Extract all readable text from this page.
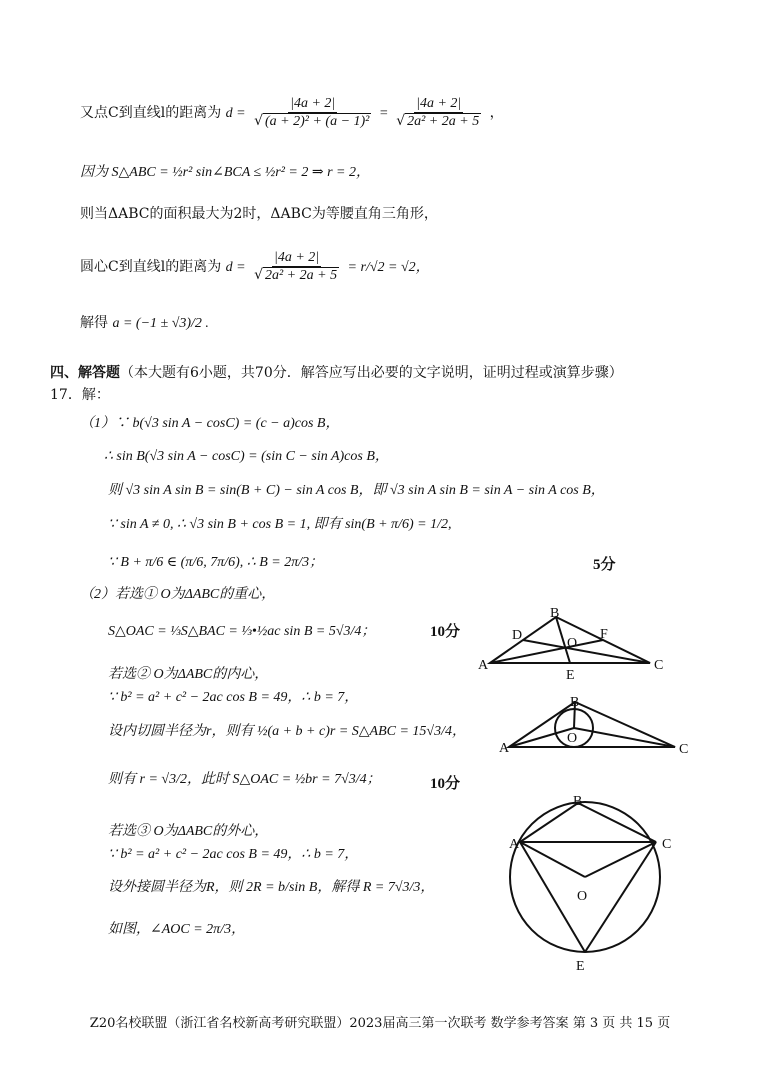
又点C到直线l的距离为 $d = \frac{|4a + 2|}{\text{√ (a + 2)² + (a − 1)²}} = \frac{|4a + 2|}{\text{√ 2a² + 2a + 5}}$ ，
因为 S△ABC = ½r² sin∠BCA ≤ ½r² = 2 ⇒ r = 2，
则当ΔABC的面积最大为2时，ΔABC为等腰直角三角形，
圆心C到直线l的距离为 $d = \frac{|4a + 2|}{\text{√ 2a² + 2a + 5}} = r/√2 = √2$，
解得 a = (−1 ± √3)/2 .
四、解答题（本大题有6小题，共70分．解答应写出必要的文字说明，证明过程或演算步骤）
17．解：
（1）∵ b(√3 sin A − cosC) = (c − a)cos B，
∴ sin B(√3 sin A − cosC) = (sin C − sin A)cos B，
则 √3 sin A sin B = sin(B + C) − sin A cos B，即 √3 sin A sin B = sin A − sin A cos B，
∵ sin A ≠ 0, ∴ √3 sin B + cos B = 1, 即有 sin(B + π/6) = 1/2,
∵ B + π/6 ∈ (π/6, 7π/6), ∴ B = 2π/3；	5分
（2）若选① O为ΔABC的重心，
S△OAC = ⅓S△BAC = ⅓•½ac sin B = 5√3/4；	10分
若选② O为ΔABC的内心，
∵ b² = a² + c² − 2ac cos B = 49，∴ b = 7，
设内切圆半径为r，则有 ½(a + b + c)r = S△ABC = 15√3/4，
则有 r = √3/2，此时 S△OAC = ½br = 7√3/4；	10分
若选③ O为ΔABC的外心，
∵ b² = a² + c² − 2ac cos B = 49，∴ b = 7，
设外接圆半径为R，则 2R = b/sin B，解得 R = 7√3/3，
如图，∠AOC = 2π/3，
A
B
C
D
E
F
O
A
B
C
O
A
B
C
O
E
Z20名校联盟（浙江省名校新高考研究联盟）2023届高三第一次联考 数学参考答案 第 3 页 共 15 页
